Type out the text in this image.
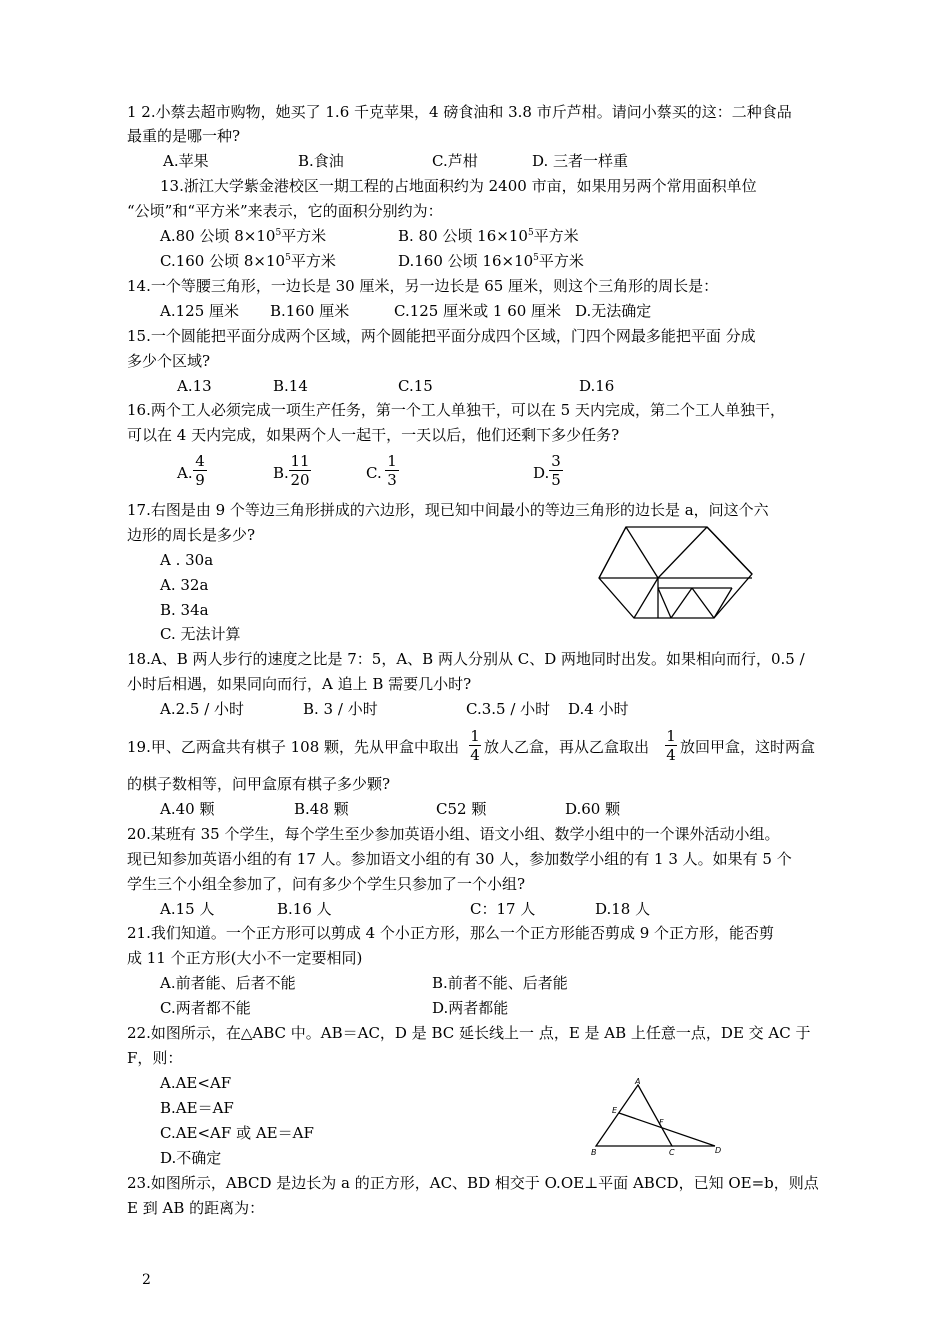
1 2.小蔡去超市购物，她买了 1.6 千克苹果，4 磅食油和 3.8 市斤芦柑。请问小蔡买的这：二种食品
最重的是哪一种?
A.苹果	B.食油	C.芦柑	D. 三者一样重
13.浙江大学紫金港校区一期工程的占地面积约为 2400 市亩，如果用另两个常用面积单位
“公顷”和“平方米”来表示，它的面积分别约为：
A.80 公顷 $8\times 10^5$平方米	B. 80 公顷 $16\times 10^5$平方米
C.160 公顷 $8\times 10^5$平方米	D.160 公顷 $16\times 10^5$平方米
14.一个等腰三角形，一边长是 30 厘米，另一边长是 65 厘米，则这个三角形的周长是：
A.125 厘米 B.160 厘米	C.125 厘米或 1 60 厘米 D.无法确定
15.一个圆能把平面分成两个区域，两个圆能把平面分成四个区域，门四个网最多能把平面 分成
多少个区域?
A.13	B.14	C.15	D.16
16.两个工人必须完成一项生产任务，第一个工人单独干，可以在 5 天内完成，第二个工人单独干，
可以在 4 天内完成，如果两个人一起干，一天以后，他们还剩下多少任务?
A. $\frac{4}{9}$	B. $\frac{11}{20}$	C. $\frac{1}{3}$	D. $\frac{3}{5}$
17.右图是由 9 个等边三角形拼成的六边形，现已知中间最小的等边三角形的边长是 a，问这个六
边形的周长是多少?
A . 30a
A. 32a
B. 34a
C. 无法计算
18.A、B 两人步行的速度之比是 7：5，A、B 两人分别从 C、D 两地同时出发。如果相向而行，0.5 /
小时后相遇，如果同向而行，A 追上 B 需要几小时?
A.2.5 / 小时	B. 3 / 小时	C.3.5 / 小时 D.4 小时
19.甲、乙两盒共有棋子 108 颗，先从甲盒中取出 $\frac{1}{4}$ 放人乙盒，再从乙盒取出 $\frac{1}{4}$ 放回甲盒，这时两盒
的棋子数相等，问甲盒原有棋子多少颗?
A.40 颗	B.48 颗	C52 颗	D.60 颗
20.某班有 35 个学生，每个学生至少参加英语小组、语文小组、数学小组中的一个课外活动小组。
现已知参加英语小组的有 17 人。参加语文小组的有 30 人，参加数学小组的有 1 3 人。如果有 5 个
学生三个小组全参加了，问有多少个学生只参加了一个小组?
A.15 人	B.16 人	C：17 人	D.18 人
21.我们知道。一个正方形可以剪成 4 个小正方形，那么一个正方形能否剪成 9 个正方形，能否剪
成 11 个正方形(大小不一定要相同)
A.前者能、后者不能	B.前者不能、后者能
C.两者都不能	D.两者都能
22.如图所示，在△ABC 中。AB＝AC，D 是 BC 延长线上一 点，E 是 AB 上任意一点，DE 交 AC 于
F，则：
A.AE<AF
B.AE＝AF
C.AE<AF 或 AE＝AF
D.不确定
A
E
F
B	C	D
23.如图所示，ABCD 是边长为 a 的正方形，AC、BD 相交于 O.OE⊥平面 ABCD，已知 OE=b，则点
E 到 AB 的距离为：
2
